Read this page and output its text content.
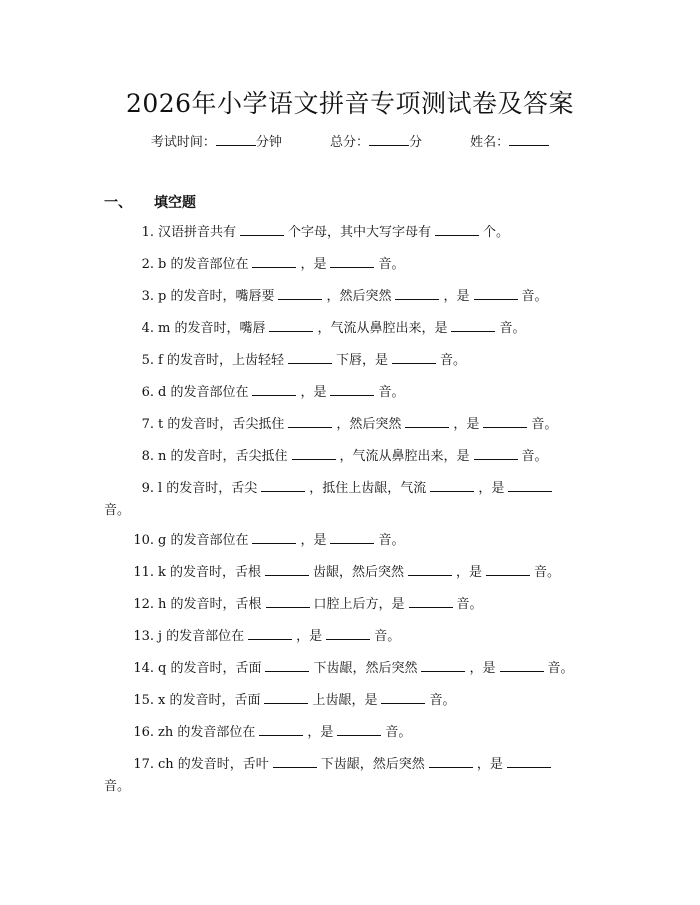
2026年小学语文拼音专项测试卷及答案
考试时间：	分钟	总分：	分	姓名：
一、 填空题
1. 汉语拼音共有	个字母，其中大写字母有	个。
2. b 的发音部位在	，是	音。
3. p 的发音时，嘴唇要	，然后突然	，是	音。
4. m 的发音时，嘴唇	，气流从鼻腔出来，是	音。
5. f 的发音时，上齿轻轻	下唇，是	音。
6. d 的发音部位在	，是	音。
7. t 的发音时，舌尖抵住	，然后突然	，是	音。
8. n 的发音时，舌尖抵住	，气流从鼻腔出来，是	音。
9. l 的发音时，舌尖	，抵住上齿龈，气流	，是
音。
10. g 的发音部位在	，是	音。
11. k 的发音时，舌根	齿龈，然后突然	，是	音。
12. h 的发音时，舌根	口腔上后方，是	音。
13. j 的发音部位在	，是	音。
14. q 的发音时，舌面	下齿龈，然后突然	，是	音。
15. x 的发音时，舌面	上齿龈，是	音。
16. zh 的发音部位在	，是	音。
17. ch 的发音时，舌叶	下齿龈，然后突然	，是
音。
